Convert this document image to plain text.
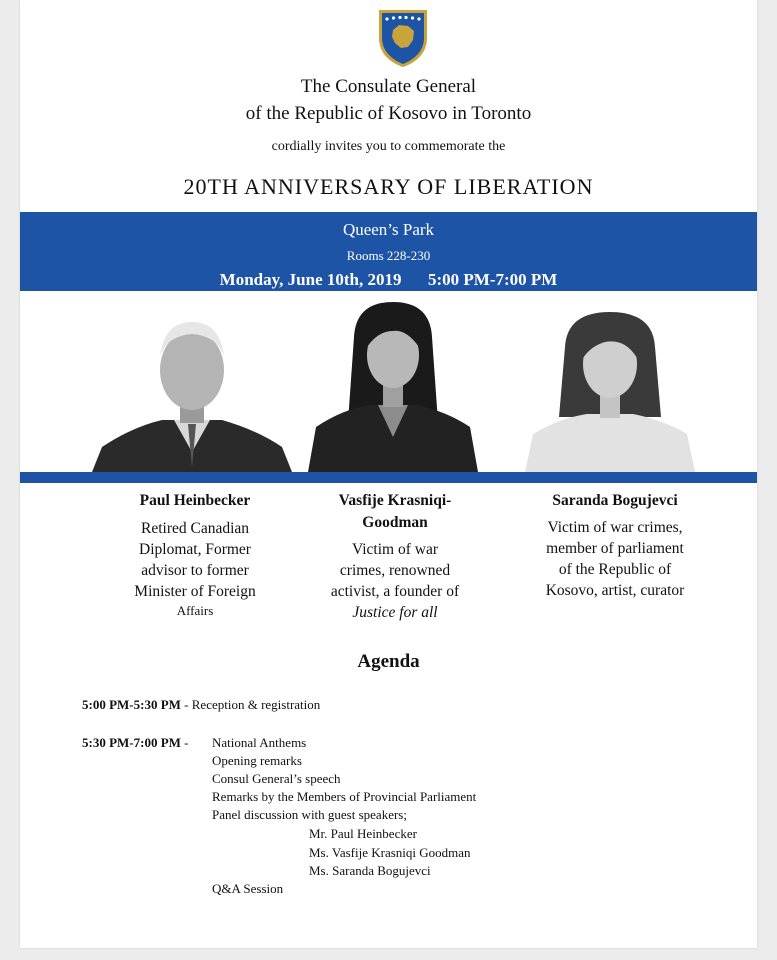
The Consulate General
of the Republic of Kosovo in Toronto
cordially invites you to commemorate the
20TH ANNIVERSARY OF LIBERATION
Queen’s Park
Rooms 228-230
Monday, June 10th, 2019 5:00 PM-7:00 PM
Paul Heinbecker
Retired Canadian
Diplomat, Former
advisor to former
Minister of Foreign
Affairs
Vasfije Krasniqi-
Goodman
Victim of war
crimes, renowned
activist, a founder of
Justice for all
Saranda Bogujevci
Victim of war crimes,
member of parliament
of the Republic of
Kosovo, artist, curator
Agenda
5:00 PM-5:30 PM - Reception & registration
5:30 PM-7:00 PM - National Anthems
Opening remarks
Consul General’s speech
Remarks by the Members of Provincial Parliament
Panel discussion with guest speakers;
Mr. Paul Heinbecker
Ms. Vasfije Krasniqi Goodman
Ms. Saranda Bogujevci
Q&A Session
